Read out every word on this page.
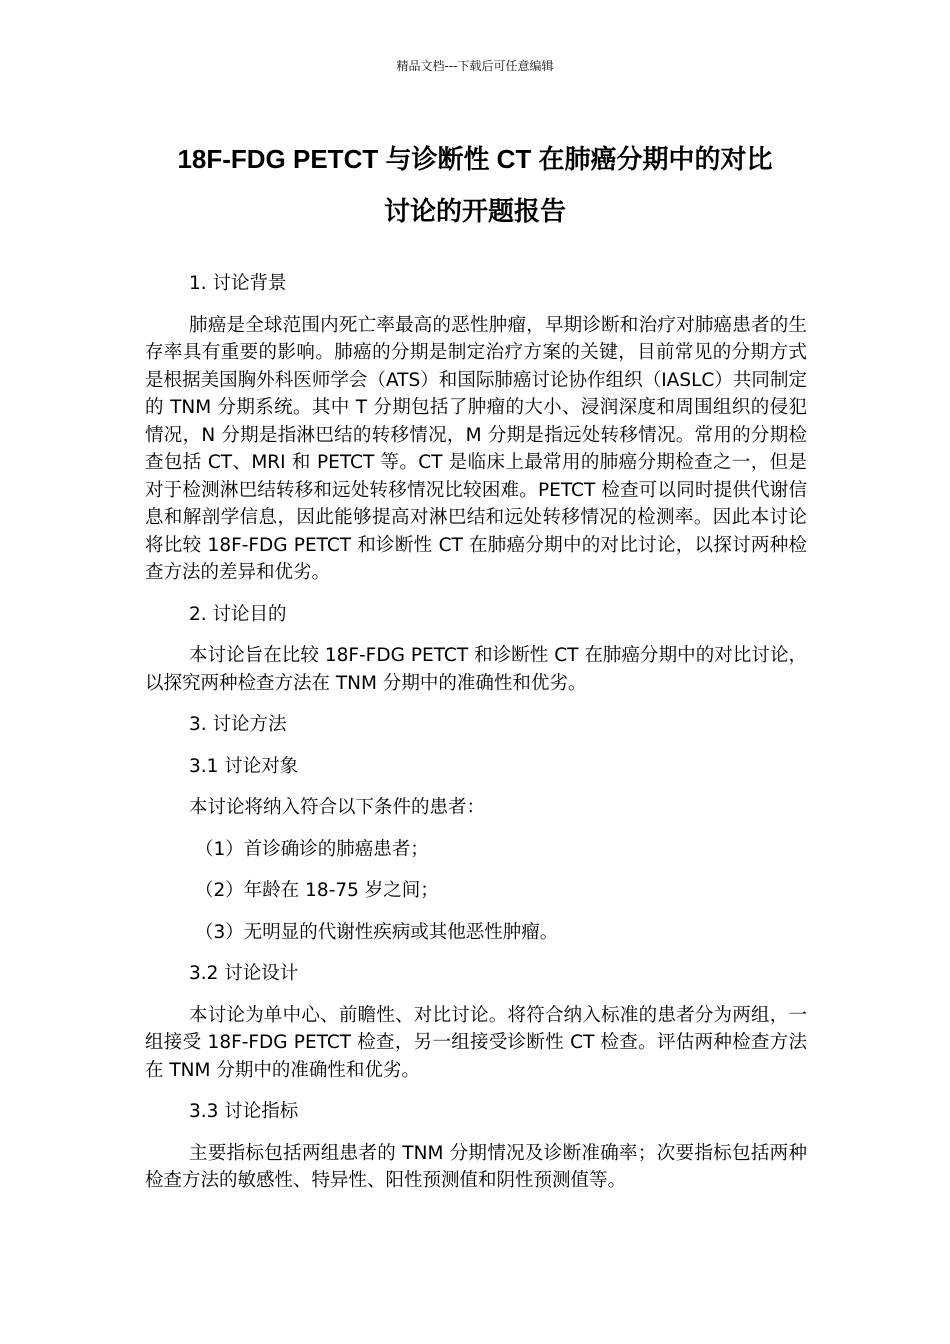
精品文档---下载后可任意编辑
18F-FDG PETCT 与诊断性 CT 在肺癌分期中的对比
讨论的开题报告
1. 讨论背景
肺癌是全球范围内死亡率最高的恶性肿瘤，早期诊断和治疗对肺癌患者的生存率具有重要的影响。肺癌的分期是制定治疗方案的关键，目前常见的分期方式是根据美国胸外科医师学会（ATS）和国际肺癌讨论协作组织（IASLC）共同制定的 TNM 分期系统。其中 T 分期包括了肿瘤的大小、浸润深度和周围组织的侵犯情况，N 分期是指淋巴结的转移情况，M 分期是指远处转移情况。常用的分期检查包括 CT、MRI 和 PETCT 等。CT 是临床上最常用的肺癌分期检查之一，但是对于检测淋巴结转移和远处转移情况比较困难。PETCT 检查可以同时提供代谢信息和解剖学信息，因此能够提高对淋巴结和远处转移情况的检测率。因此本讨论将比较 18F-FDG PETCT 和诊断性 CT 在肺癌分期中的对比讨论，以探讨两种检查方法的差异和优劣。
2. 讨论目的
本讨论旨在比较 18F-FDG PETCT 和诊断性 CT 在肺癌分期中的对比讨论，以探究两种检查方法在 TNM 分期中的准确性和优劣。
3. 讨论方法
3.1 讨论对象
本讨论将纳入符合以下条件的患者：
（1）首诊确诊的肺癌患者；
（2）年龄在 18-75 岁之间；
（3）无明显的代谢性疾病或其他恶性肿瘤。
3.2 讨论设计
本讨论为单中心、前瞻性、对比讨论。将符合纳入标准的患者分为两组，一组接受 18F-FDG PETCT 检查，另一组接受诊断性 CT 检查。评估两种检查方法在 TNM 分期中的准确性和优劣。
3.3 讨论指标
主要指标包括两组患者的 TNM 分期情况及诊断准确率；次要指标包括两种检查方法的敏感性、特异性、阳性预测值和阴性预测值等。
